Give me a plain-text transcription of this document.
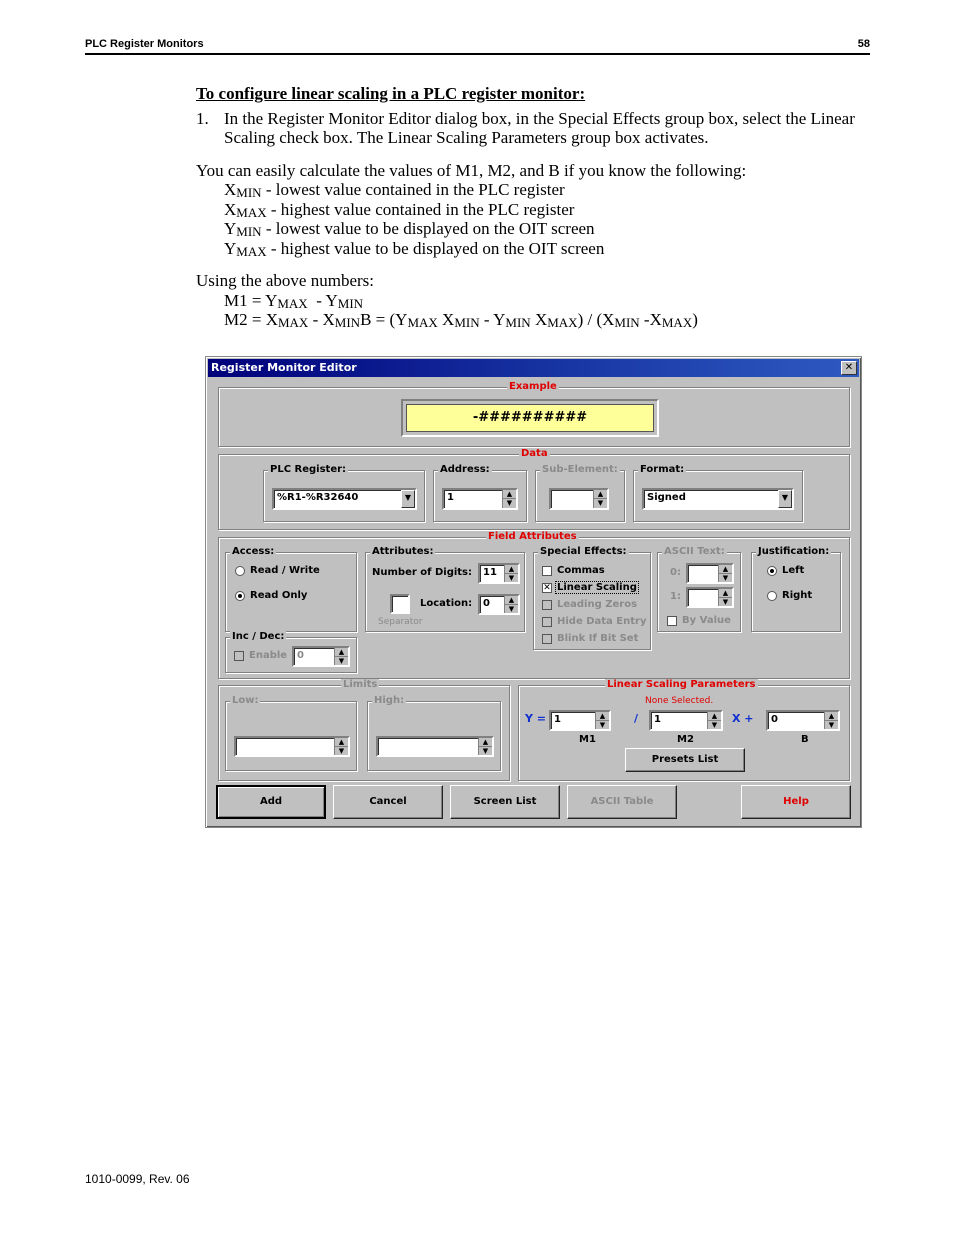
PLC Register Monitors	58

To configure linear scaling in a PLC register monitor:

1. In the Register Monitor Editor dialog box, in the Special Effects group box, select the Linear Scaling check box. The Linear Scaling Parameters group box activates.

You can easily calculate the values of M1, M2, and B if you know the following:

$X_{MIN}$ - lowest value contained in the PLC register
$X_{MAX}$ - highest value contained in the PLC register
$Y_{MIN}$ - lowest value to be displayed on the OIT screen
$Y_{MAX}$ - highest value to be displayed on the OIT screen

Using the above numbers:

$M1 = Y_{MAX} - Y_{MIN}$
$M2 = X_{MAX} - X_{MIN}B = (Y_{MAX}$ $X_{MIN} - Y_{MIN}$ $X_{MAX}) / (X_{MIN}$ $-X_{MAX}$)
Register Monitor Editor	✕
Example
-##########
Data
PLC Register:
%R1-%R32640	▼
Address:
1	▲
▼
Sub-Element:
▲
▼
Format:
Signed	▼
Field Attributes
Access:
Read / Write
Read Only
Attributes:
Number of Digits:	11	▲
▼
Location:	0	▲
▼
Separator
Special Effects:
Commas
✕ Linear Scaling
Leading Zeros
Hide Data Entry
Blink If Bit Set
ASCII Text:
0:	▲
▼
1:	▲
▼
By Value
Justification:
Left
Right
Inc / Dec:
Enable 0	▲
▼
Limits
Low:
▲
▼
High:
▲
▼
Linear Scaling Parameters
None Selected.
Y = 1	▲
▼	/	1	▲
▼	X +	0	▲
▼
M1	M2	B
Presets List
Add	Cancel	Screen List	ASCII Table	Help
1010-0099, Rev. 06
